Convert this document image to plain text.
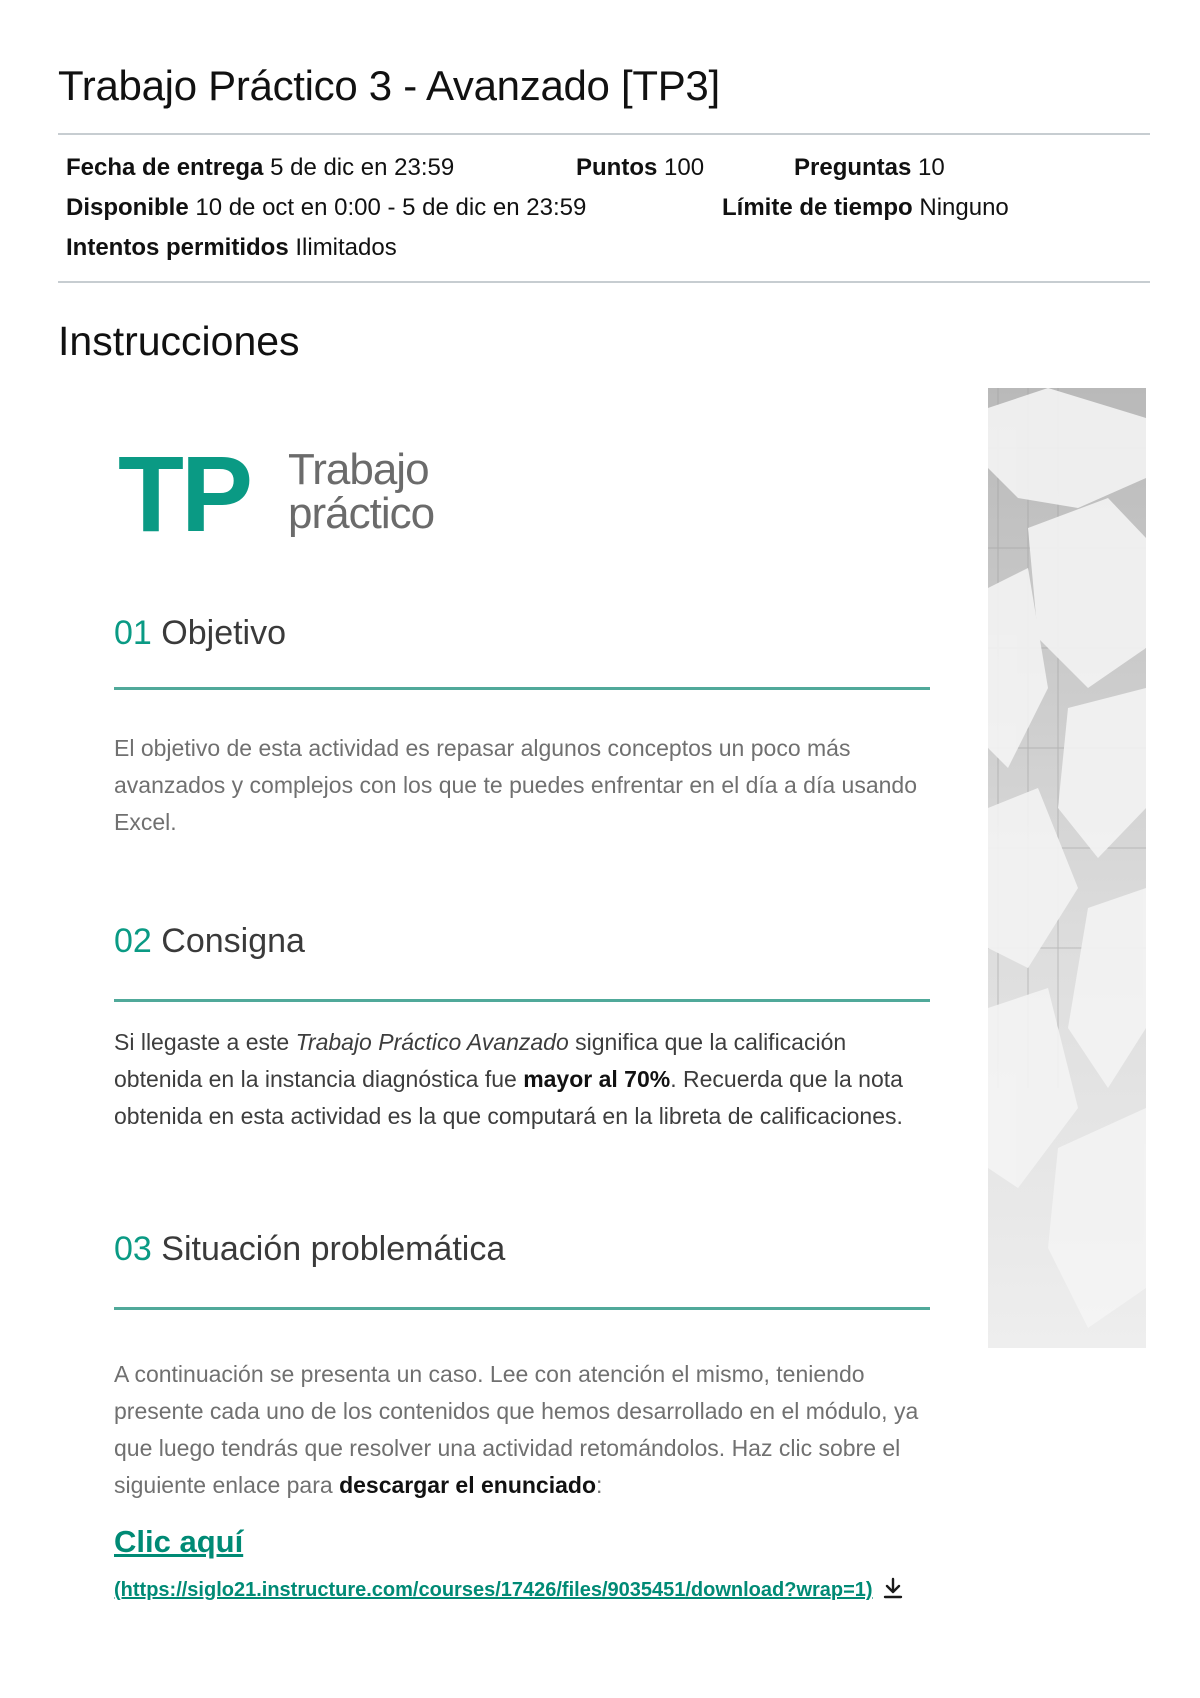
Trabajo Práctico 3 - Avanzado [TP3]
Fecha de entrega 5 de dic en 23:59	Puntos 100	Preguntas 10
Disponible 10 de oct en 0:00 - 5 de dic en 23:59	Límite de tiempo Ninguno
Intentos permitidos Ilimitados
Instrucciones
TP Trabajo
práctico
01 Objetivo

El objetivo de esta actividad es repasar algunos conceptos un poco más avanzados y complejos con los que te puedes enfrentar en el día a día usando Excel.

02 Consigna

Si llegaste a este Trabajo Práctico Avanzado significa que la calificación obtenida en la instancia diagnóstica fue mayor al 70%. Recuerda que la nota obtenida en esta actividad es la que computará en la libreta de calificaciones.

03 Situación problemática

A continuación se presenta un caso. Lee con atención el mismo, teniendo presente cada uno de los contenidos que hemos desarrollado en el módulo, ya que luego tendrás que resolver una actividad retomándolos. Haz clic sobre el siguiente enlace para descargar el enunciado:

Clic aquí

(https://siglo21.instructure.com/courses/17426/files/9035451/download?wrap=1)
